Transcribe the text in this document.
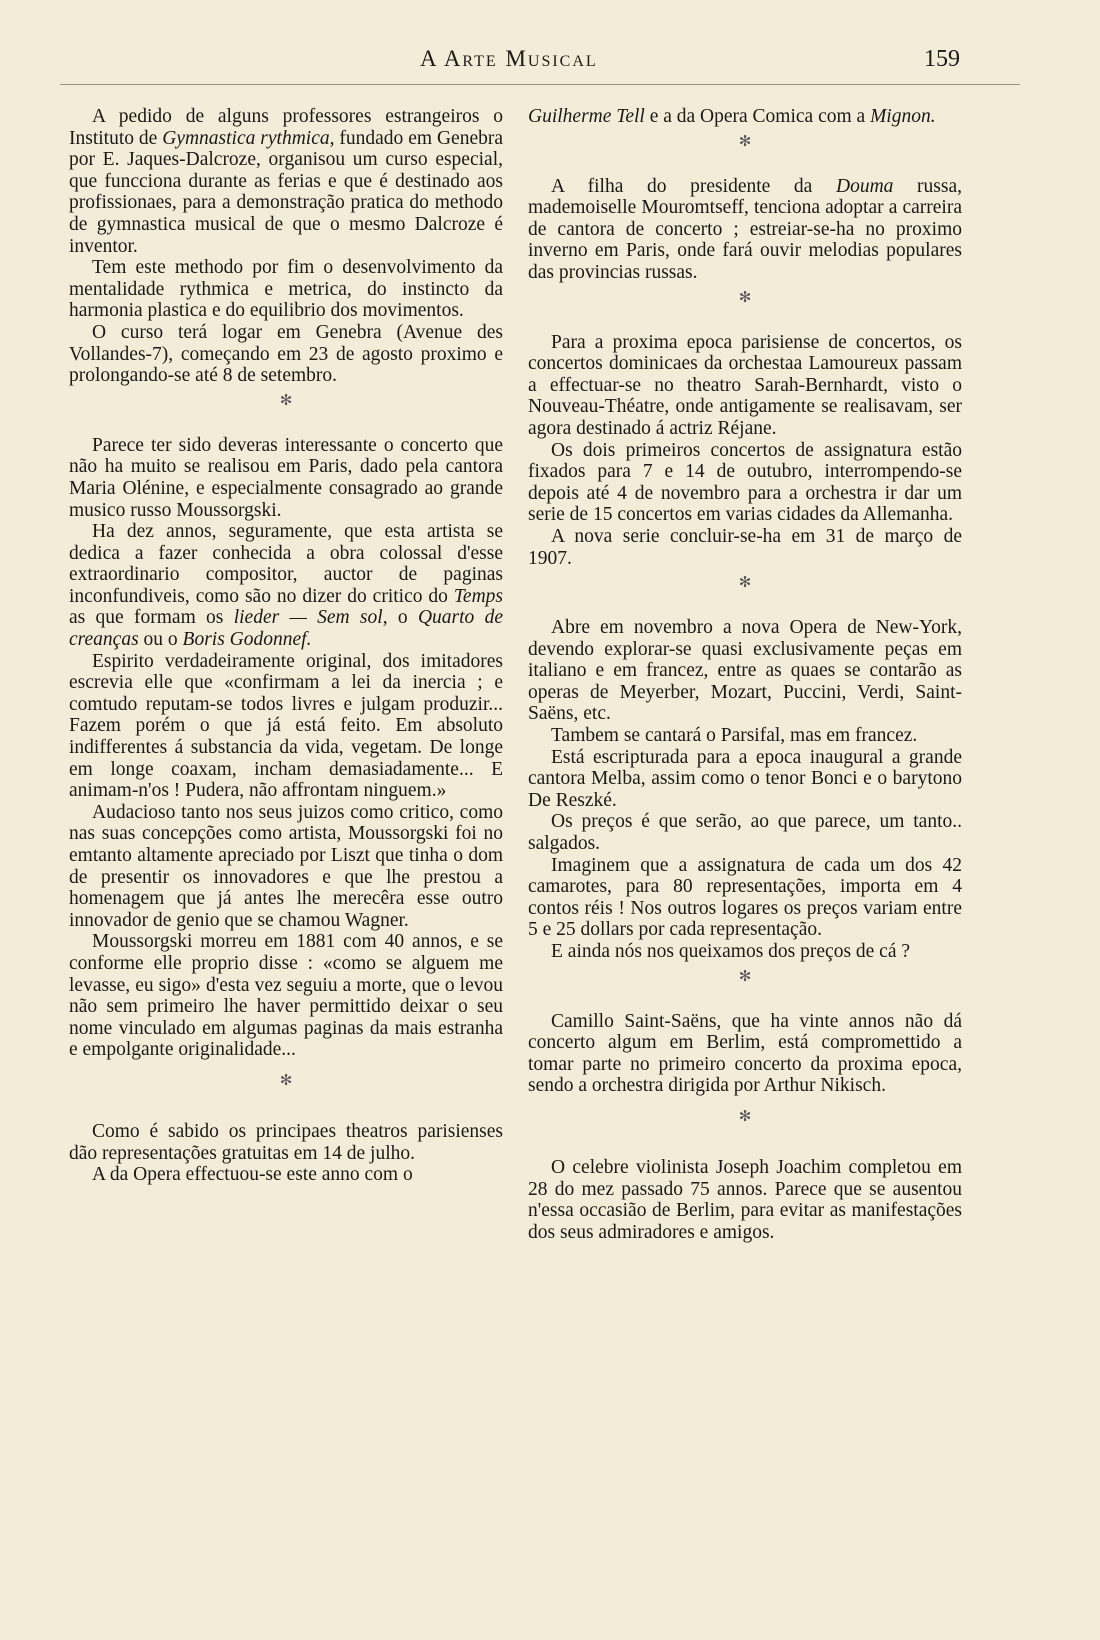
A Arte Musical	159

A pedido de alguns professores estrangeiros o Instituto de Gymnastica rythmica, fundado em Genebra por E. Jaques-Dalcroze, organisou um curso especial, que funcciona durante as ferias e que é destinado aos profissionaes, para a demonstração pratica do methodo de gymnastica musical de que o mesmo Dalcroze é inventor.

Tem este methodo por fim o desenvolvimento da mentalidade rythmica e metrica, do instincto da harmonia plastica e do equilibrio dos movimentos.

O curso terá logar em Genebra (Avenue des Vollandes-7), começando em 23 de agosto proximo e prolongando-se até 8 de setembro.

✻

Parece ter sido deveras interessante o concerto que não ha muito se realisou em Paris, dado pela cantora Maria Olénine, e especialmente consagrado ao grande musico russo Moussorgski.

Ha dez annos, seguramente, que esta artista se dedica a fazer conhecida a obra colossal d'esse extraordinario compositor, auctor de paginas inconfundiveis, como são no dizer do critico do Temps as que formam os lieder — Sem sol, o Quarto de creanças ou o Boris Godonnef.

Espirito verdadeiramente original, dos imitadores escrevia elle que «confirmam a lei da inercia ; e comtudo reputam-se todos livres e julgam produzir... Fazem porém o que já está feito. Em absoluto indifferentes á substancia da vida, vegetam. De longe em longe coaxam, incham demasiadamente... E animam-n'os ! Pudera, não affrontam ninguem.»

Audacioso tanto nos seus juizos como critico, como nas suas concepções como artista, Moussorgski foi no emtanto altamente apreciado por Liszt que tinha o dom de presentir os innovadores e que lhe prestou a homenagem que já antes lhe merecêra esse outro innovador de genio que se chamou Wagner.

Moussorgski morreu em 1881 com 40 annos, e se conforme elle proprio disse : «como se alguem me levasse, eu sigo» d'esta vez seguiu a morte, que o levou não sem primeiro lhe haver permittido deixar o seu nome vinculado em algumas paginas da mais estranha e empolgante originalidade...

✻

Como é sabido os principaes theatros parisienses dão representações gratuitas em 14 de julho.

A da Opera effectuou-se este anno com o

Guilherme Tell e a da Opera Comica com a Mignon.

✻

A filha do presidente da Douma russa, mademoiselle Mouromtseff, tenciona adoptar a carreira de cantora de concerto ; estreiar-se-ha no proximo inverno em Paris, onde fará ouvir melodias populares das provincias russas.

✻

Para a proxima epoca parisiense de concertos, os concertos dominicaes da orchestaa Lamoureux passam a effectuar-se no theatro Sarah-Bernhardt, visto o Nouveau-Théatre, onde antigamente se realisavam, ser agora destinado á actriz Réjane.

Os dois primeiros concertos de assignatura estão fixados para 7 e 14 de outubro, interrompendo-se depois até 4 de novembro para a orchestra ir dar um serie de 15 concertos em varias cidades da Allemanha.

A nova serie concluir-se-ha em 31 de março de 1907.

✻

Abre em novembro a nova Opera de New-York, devendo explorar-se quasi exclusivamente peças em italiano e em francez, entre as quaes se contarão as operas de Meyerber, Mozart, Puccini, Verdi, Saint-Saëns, etc.

Tambem se cantará o Parsifal, mas em francez.

Está escripturada para a epoca inaugural a grande cantora Melba, assim como o tenor Bonci e o barytono De Reszké.

Os preços é que serão, ao que parece, um tanto.. salgados.

Imaginem que a assignatura de cada um dos 42 camarotes, para 80 representações, importa em 4 contos réis ! Nos outros logares os preços variam entre 5 e 25 dollars por cada representação.

E ainda nós nos queixamos dos preços de cá ?

✻

Camillo Saint-Saëns, que ha vinte annos não dá concerto algum em Berlim, está compromettido a tomar parte no primeiro concerto da proxima epoca, sendo a orchestra dirigida por Arthur Nikisch.

✻

O celebre violinista Joseph Joachim completou em 28 do mez passado 75 annos. Parece que se ausentou n'essa occasião de Berlim, para evitar as manifestações dos seus admiradores e amigos.
